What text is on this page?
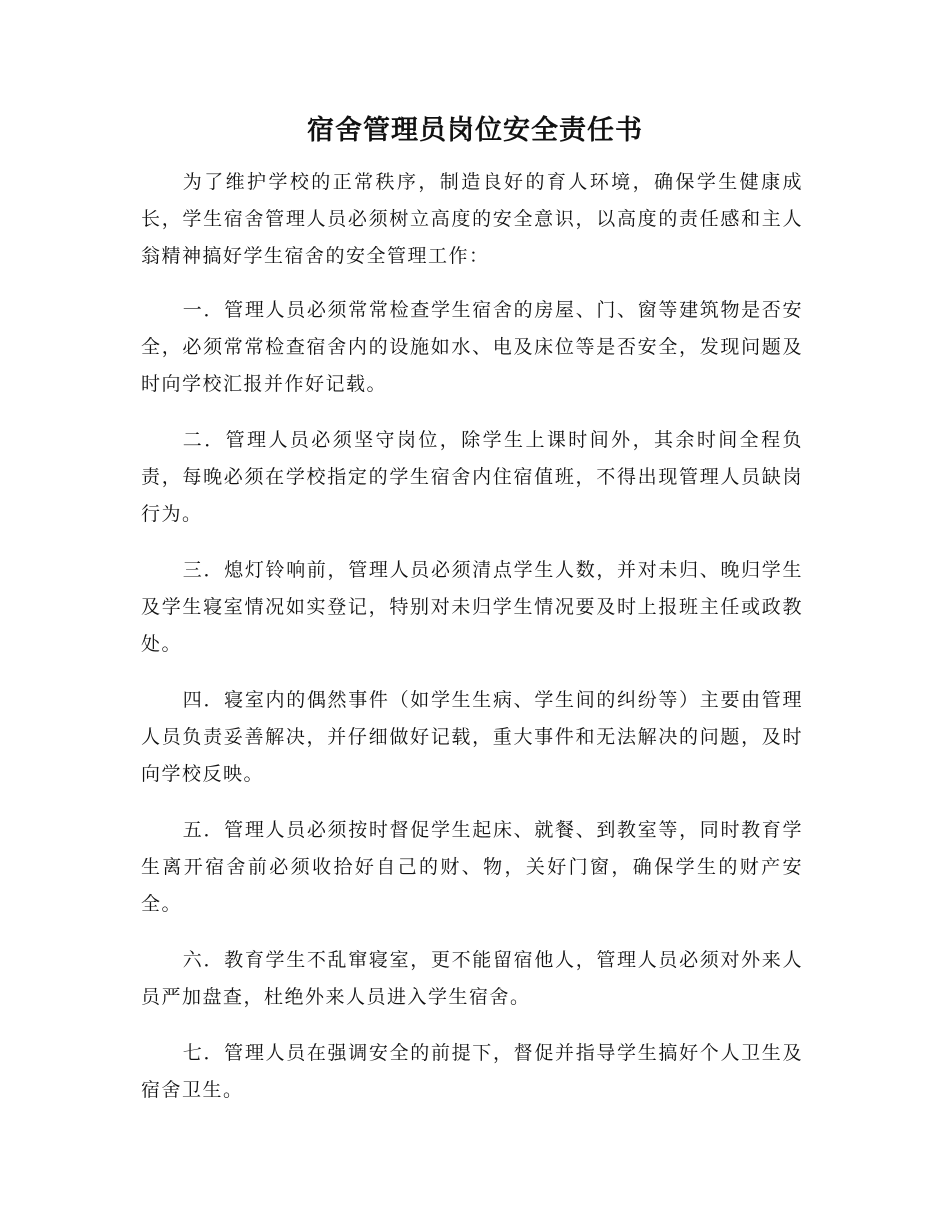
宿舍管理员岗位安全责任书

为了维护学校的正常秩序，制造良好的育人环境，确保学生健康成长，学生宿舍管理人员必须树立高度的安全意识，以高度的责任感和主人翁精神搞好学生宿舍的安全管理工作：

一．管理人员必须常常检查学生宿舍的房屋、门、窗等建筑物是否安全，必须常常检查宿舍内的设施如水、电及床位等是否安全，发现问题及时向学校汇报并作好记载。

二．管理人员必须坚守岗位，除学生上课时间外，其余时间全程负责，每晚必须在学校指定的学生宿舍内住宿值班，不得出现管理人员缺岗行为。

三．熄灯铃响前，管理人员必须清点学生人数，并对未归、晚归学生及学生寝室情况如实登记，特别对未归学生情况要及时上报班主任或政教处。

四．寝室内的偶然事件（如学生生病、学生间的纠纷等）主要由管理人员负责妥善解决，并仔细做好记载，重大事件和无法解决的问题，及时向学校反映。

五．管理人员必须按时督促学生起床、就餐、到教室等，同时教育学生离开宿舍前必须收拾好自己的财、物，关好门窗，确保学生的财产安全。

六．教育学生不乱窜寝室，更不能留宿他人，管理人员必须对外来人员严加盘查，杜绝外来人员进入学生宿舍。

七．管理人员在强调安全的前提下，督促并指导学生搞好个人卫生及宿舍卫生。
